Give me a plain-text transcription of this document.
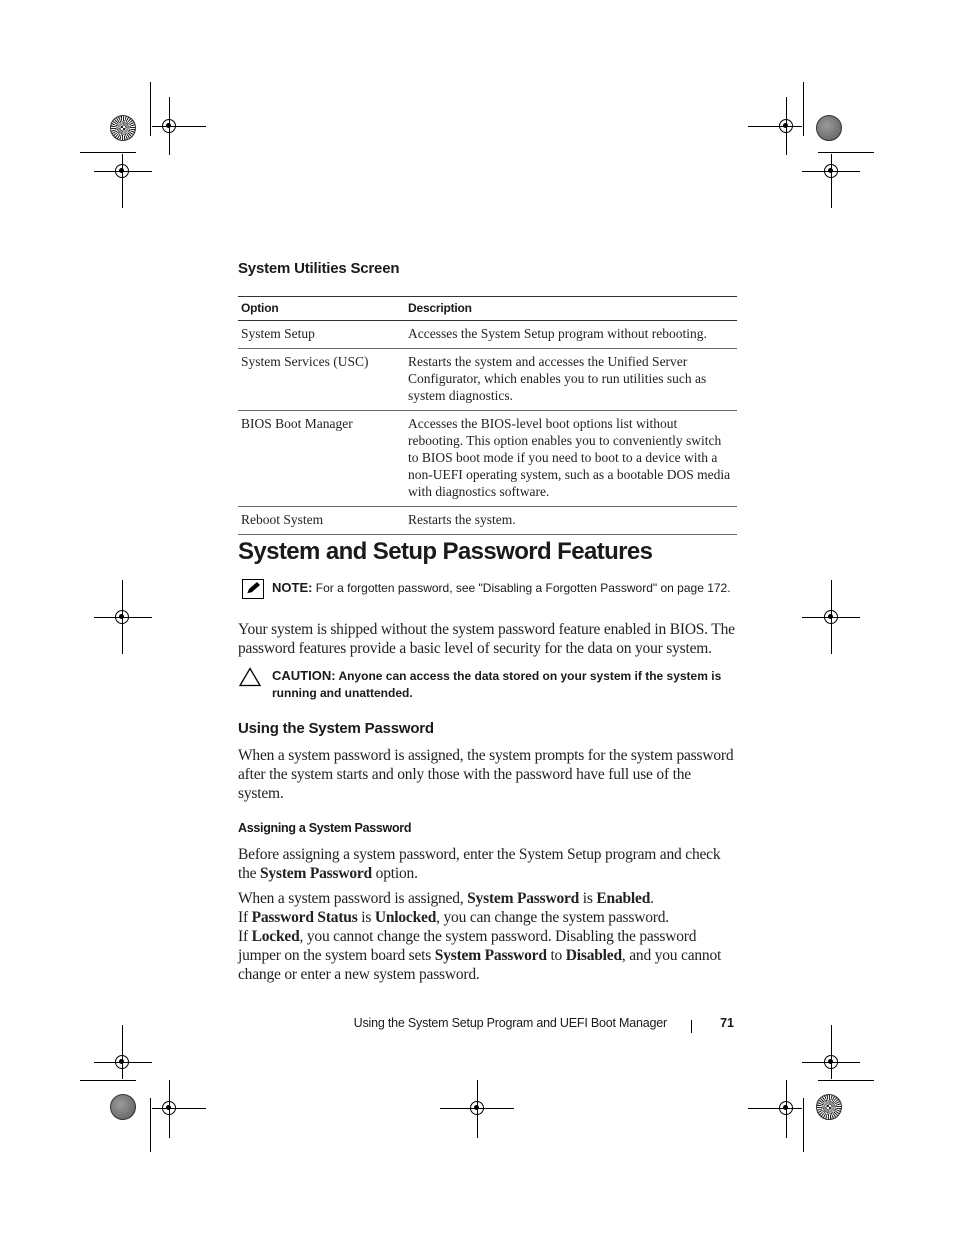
System Utilities Screen
Option	Description
System Setup	Accesses the System Setup program without rebooting.
System Services (USC)	Restarts the system and accesses the Unified Server Configurator, which enables you to run utilities such as system diagnostics.
BIOS Boot Manager	Accesses the BIOS-level boot options list without rebooting. This option enables you to conveniently switch to BIOS boot mode if you need to boot to a device with a non-UEFI operating system, such as a bootable DOS media with diagnostics software.
Reboot System	Restarts the system.
System and Setup Password Features
NOTE: For a forgotten password, see "Disabling a Forgotten Password" on page 172.

Your system is shipped without the system password feature enabled in BIOS. The password features provide a basic level of security for the data on your system.

CAUTION: Anyone can access the data stored on your system if the system is running and unattended.
Using the System Password

When a system password is assigned, the system prompts for the system password after the system starts and only those with the password have full use of the system.

Assigning a System Password

Before assigning a system password, enter the System Setup program and check the System Password option.

When a system password is assigned, System Password is Enabled.
If Password Status is Unlocked, you can change the system password.
If Locked, you cannot change the system password. Disabling the password jumper on the system board sets System Password to Disabled, and you cannot change or enter a new system password.

Using the System Setup Program and UEFI Boot Manager	71
